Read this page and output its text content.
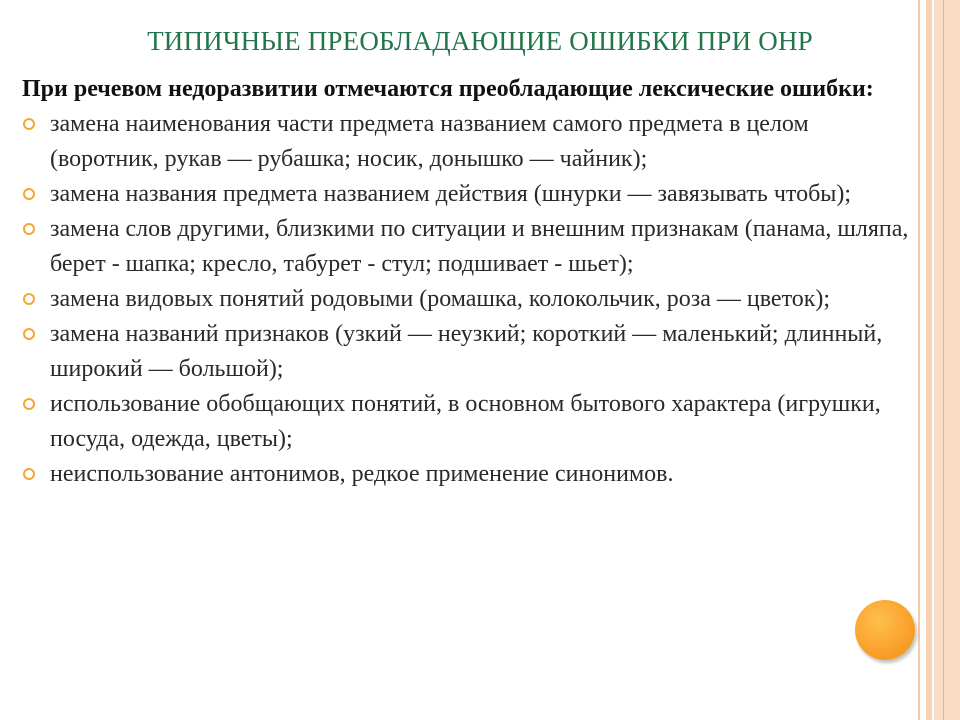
ТИПИЧНЫЕ ПРЕОБЛАДАЮЩИЕ ОШИБКИ ПРИ ОНР

При речевом недоразвитии отмечаются преобладающие лексические ошибки:

замена наименования части предмета названием самого предмета в целом (воротник, рукав — рубашка; носик, донышко — чайник);
замена названия предмета названием действия (шнурки — завязывать чтобы);
замена слов другими, близкими по ситуации и внешним признакам (панама, шляпа, берет - шапка; кресло, табурет - стул; подшивает - шьет);
замена видовых понятий родовыми (ромашка, колокольчик, роза — цветок);
замена названий признаков (узкий — неузкий; короткий — маленький; длинный, широкий — большой);
использование обобщающих понятий, в основном бытового характера (игрушки, посуда, одежда, цветы);
неиспользование антонимов, редкое применение синонимов.
